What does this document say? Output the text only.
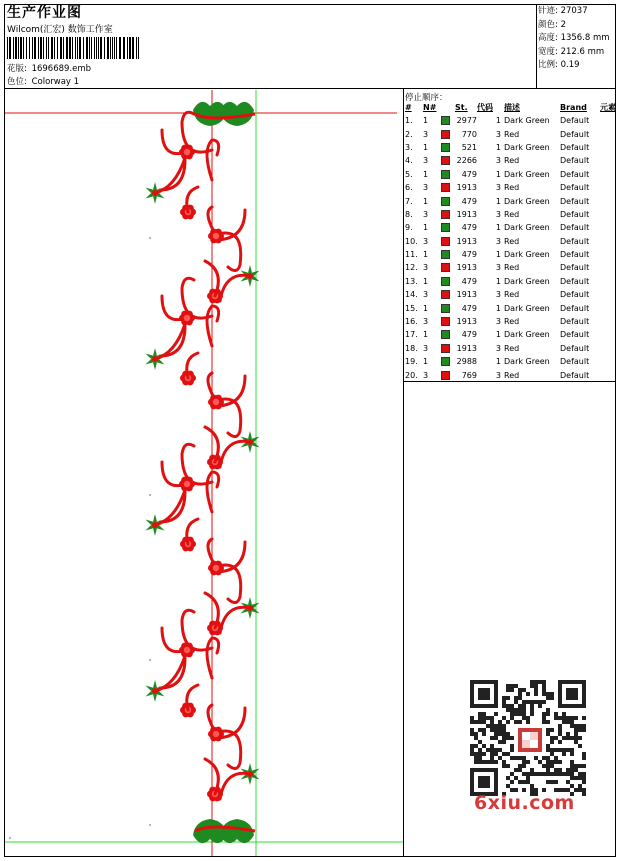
生产作业图
Wilcom(汇宏) 数饰工作室
花版: 1696689.emb
色位: Colorway 1
针迹: 27037
颜色: 2
高度: 1356.8 mm
宽度: 212.6 mm
比例: 0.19
停止顺序：
#	N#		St.	代码	描述	Brand	元素
1.	1		2977	1	Dark Green	Default	
2.	3		770	3	Red	Default	
3.	1		521	1	Dark Green	Default	
4.	3		2266	3	Red	Default	
5.	1		479	1	Dark Green	Default	
6.	3		1913	3	Red	Default	
7.	1		479	1	Dark Green	Default	
8.	3		1913	3	Red	Default	
9.	1		479	1	Dark Green	Default	
10.	3		1913	3	Red	Default	
11.	1		479	1	Dark Green	Default	
12.	3		1913	3	Red	Default	
13.	1		479	1	Dark Green	Default	
14.	3		1913	3	Red	Default	
15.	1		479	1	Dark Green	Default	
16.	3		1913	3	Red	Default	
17.	1		479	1	Dark Green	Default	
18.	3		1913	3	Red	Default	
19.	1		2988	1	Dark Green	Default	
20.	3		769	3	Red	Default	
6xiu.com
